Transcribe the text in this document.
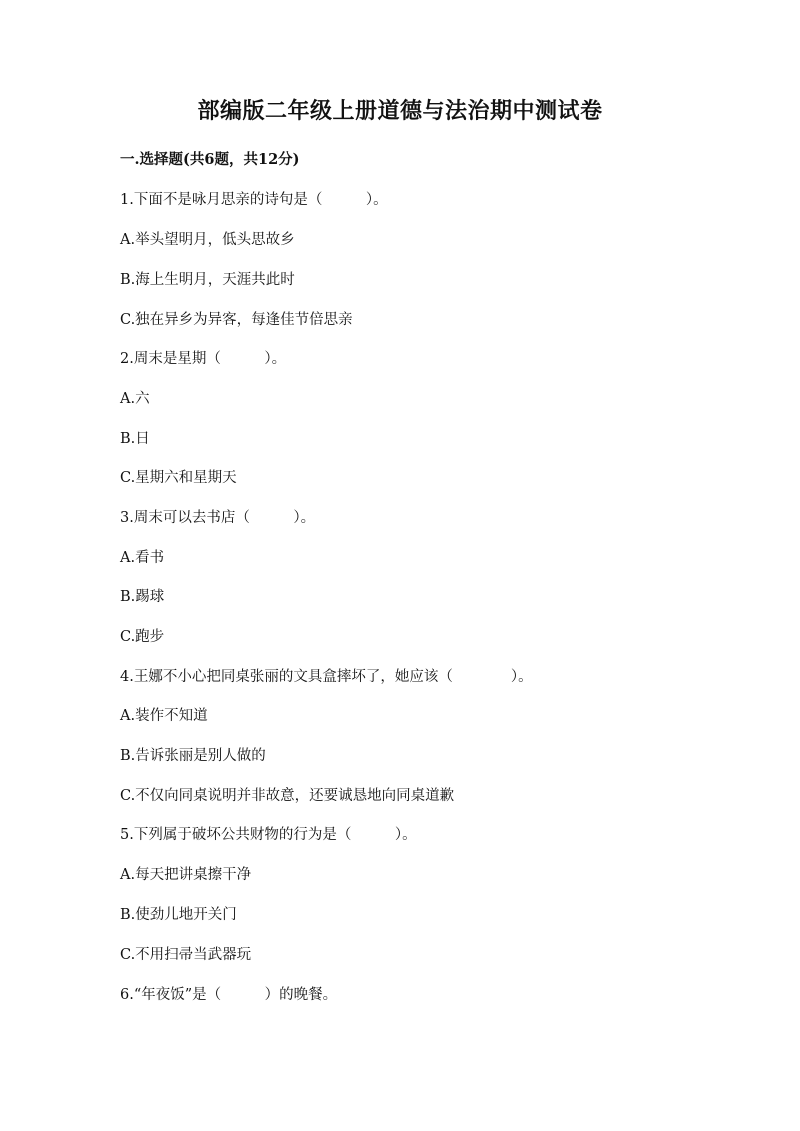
部编版二年级上册道德与法治期中测试卷
一.选择题(共6题，共12分)
1.下面不是咏月思亲的诗句是（　　　）。
A.举头望明月，低头思故乡
B.海上生明月，天涯共此时
C.独在异乡为异客，每逢佳节倍思亲
2.周末是星期（　　　）。
A.六
B.日
C.星期六和星期天
3.周末可以去书店（　　　）。
A.看书
B.踢球
C.跑步
4.王娜不小心把同桌张丽的文具盒摔坏了，她应该（　　　　）。
A.装作不知道
B.告诉张丽是别人做的
C.不仅向同桌说明并非故意，还要诚恳地向同桌道歉
5.下列属于破坏公共财物的行为是（　　　）。
A.每天把讲桌擦干净
B.使劲儿地开关门
C.不用扫帚当武器玩
6.“年夜饭”是（　　　）的晚餐。
